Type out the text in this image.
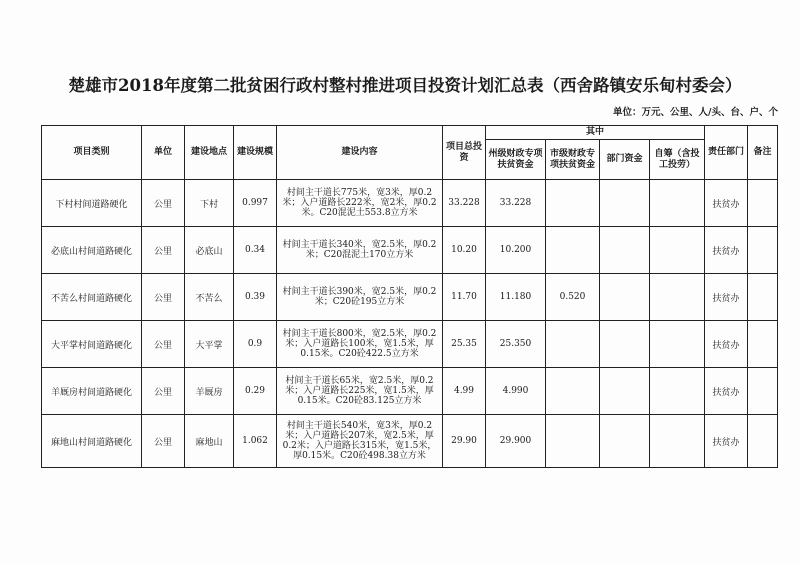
楚雄市2018年度第二批贫困行政村整村推进项目投资计划汇总表（西舍路镇安乐甸村委会）
单位：万元、公里、人/头、台、户、个
项目类别	单位	建设地点	建设规模	建设内容	项目总投资	其中				责任部门	备注
						州级财政专项扶贫资金	市级财政专项扶贫资金	部门资金	自筹（含投工投劳）		
下村村间道路硬化	公里	下村	0.997	村间主干道长775米，宽3米，厚0.2米；入户道路长222米，宽2米，厚0.2米。C20混泥土553.8立方米	33.228	33.228				扶贫办	
必底山村间道路硬化	公里	必底山	0.34	村间主干道长340米，宽2.5米，厚0.2米；C20混泥土170立方米	10.20	10.200				扶贫办	
不苦么村间道路硬化	公里	不苦么	0.39	村间主干道长390米，宽2.5米，厚0.2米；C20砼195立方米	11.70	11.180	0.520			扶贫办	
大平掌村间道路硬化	公里	大平掌	0.9	村间主干道长800米，宽2.5米，厚0.2米；入户道路长100米，宽1.5米，厚0.15米。C20砼422.5立方米	25.35	25.350				扶贫办	
羊厩房村间道路硬化	公里	羊厩房	0.29	村间主干道长65米，宽2.5米，厚0.2米；入户道路长225米，宽1.5米，厚0.15米。C20砼83.125立方米	4.99	4.990				扶贫办	
麻地山村间道路硬化	公里	麻地山	1.062	村间主干道长540米，宽3米，厚0.2米；入户道路长207米，宽2.5米，厚0.2米；入户道路长315米，宽1.5米，厚0.15米。C20砼498.38立方米	29.90	29.900				扶贫办	
